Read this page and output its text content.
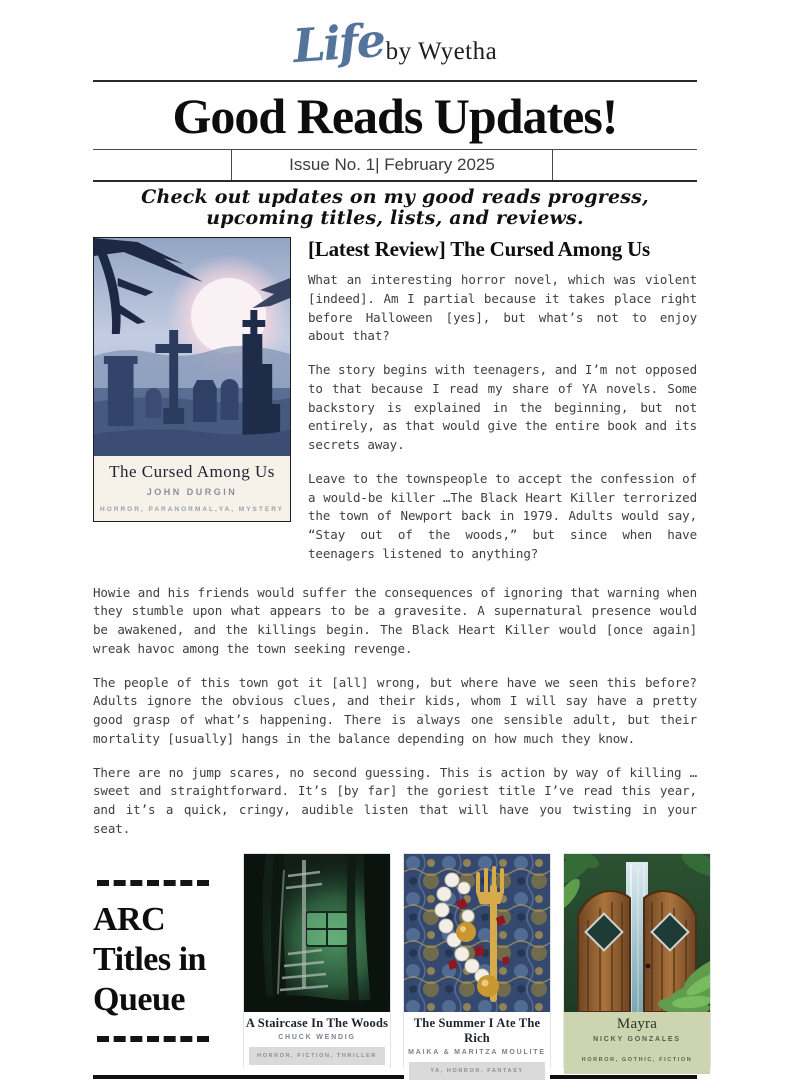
Life by Wyetha
Good Reads Updates!
Issue No. 1| February 2025
Check out updates on my good reads progress, upcoming titles, lists, and reviews.
The Cursed Among Us
JOHN DURGIN
HORROR, PARANORMAL,YA, MYSTERY
[Latest Review] The Cursed Among Us

What an interesting horror novel, which was violent [indeed]. Am I partial because it takes place right before Halloween [yes], but what’s not to enjoy about that?

The story begins with teenagers, and I’m not opposed to that because I read my share of YA novels. Some backstory is explained in the beginning, but not entirely, as that would give the entire book and its secrets away.

Leave to the townspeople to accept the confession of a would-be killer …The Black Heart Killer terrorized the town of Newport back in 1979. Adults would say, “Stay out of the woods,” but since when have teenagers listened to anything?

Howie and his friends would suffer the consequences of ignoring that warning when they stumble upon what appears to be a gravesite. A supernatural presence would be awakened, and the killings begin. The Black Heart Killer would [once again] wreak havoc among the town seeking revenge.

The people of this town got it [all] wrong, but where have we seen this before? Adults ignore the obvious clues, and their kids, whom I will say have a pretty good grasp of what’s happening. There is always one sensible adult, but their mortality [usually] hangs in the balance depending on how much they know.

There are no jump scares, no second guessing. This is action by way of killing …sweet and straightforward. It’s [by far] the goriest title I’ve read this year, and it’s a quick, cringy, audible listen that will have you twisting in your seat.

ARC
Titles in
Queue
A Staircase In The Woods
CHUCK WENDIG
HORROR, FICTION, THRILLER
The Summer I Ate The Rich
MAIKA & MARITZA MOULITE
YA, HORROR, FANTASY
Mayra
NICKY GONZALES
HORROR, GOTHIC, FICTION
